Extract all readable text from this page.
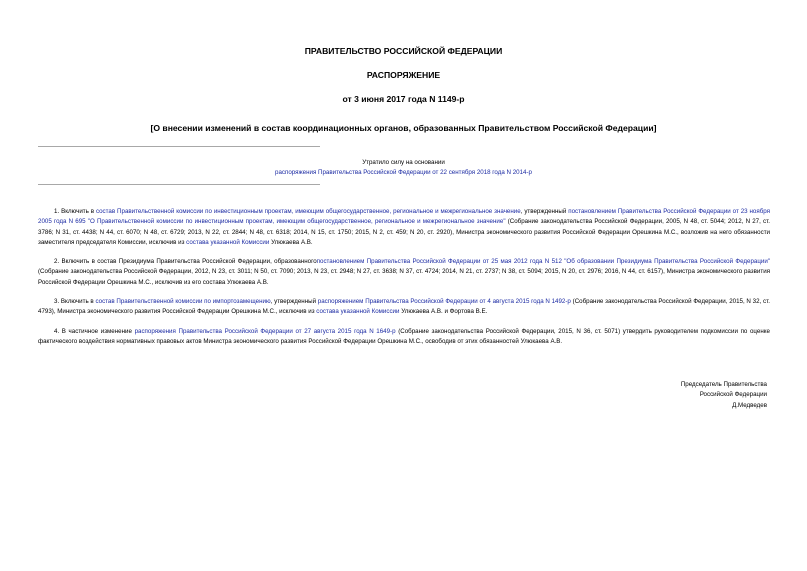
ПРАВИТЕЛЬСТВО РОССИЙСКОЙ ФЕДЕРАЦИИ
РАСПОРЯЖЕНИЕ
от 3 июня 2017 года N 1149-р
[О внесении изменений в состав координационных органов, образованных Правительством Российской Федерации]
Утратило силу на основании
распоряжения Правительства Российской Федерации от 22 сентября 2018 года N 2014-р

1. Включить в состав Правительственной комиссии по инвестиционным проектам, имеющим общегосударственное, региональное и межрегиональное значение, утвержденный постановлением Правительства Российской Федерации от 23 ноября 2005 года N 695 "О Правительственной комиссии по инвестиционным проектам, имеющим общегосударственное, региональное и межрегиональное значение" (Собрание законодательства Российской Федерации, 2005, N 48, ст. 5044; 2012, N 27, ст. 3786; N 31, ст. 4438; N 44, ст. 6070; N 48, ст. 6729; 2013, N 22, ст. 2844; N 48, ст. 6318; 2014, N 15, ст. 1750; 2015, N 2, ст. 459; N 20, ст. 2920), Министра экономического развития Российской Федерации Орешкина М.С., возложив на него обязанности заместителя председателя Комиссии, исключив из состава указанной Комиссии Улюкаева А.В.

2. Включить в состав Президиума Правительства Российской Федерации, образованногопостановлением Правительства Российской Федерации от 25 мая 2012 года N 512 "Об образовании Президиума Правительства Российской Федерации" (Собрание законодательства Российской Федерации, 2012, N 23, ст. 3011; N 50, ст. 7090; 2013, N 23, ст. 2948; N 27, ст. 3638; N 37, ст. 4724; 2014, N 21, ст. 2737; N 38, ст. 5094; 2015, N 20, ст. 2976; 2016, N 44, ст. 6157), Министра экономического развития Российской Федерации Орешкина М.С., исключив из его состава Улюкаева А.В.

3. Включить в состав Правительственной комиссии по импортозамещению, утвержденный распоряжением Правительства Российской Федерации от 4 августа 2015 года N 1492-р (Собрание законодательства Российской Федерации, 2015, N 32, ст. 4793), Министра экономического развития Российской Федерации Орешкина М.С., исключив из состава указанной Комиссии Улюкаева А.В. и Фортова В.Е.

4. В частичное изменение распоряжения Правительства Российской Федерации от 27 августа 2015 года N 1649-р (Собрание законодательства Российской Федерации, 2015, N 36, ст. 5071) утвердить руководителем подкомиссии по оценке фактического воздействия нормативных правовых актов Министра экономического развития Российской Федерации Орешкина М.С., освободив от этих обязанностей Улюкаева А.В.

Председатель Правительства
Российской Федерации
Д.Медведев
